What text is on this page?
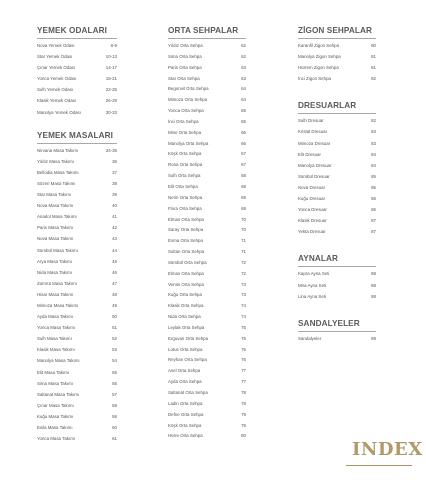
YEMEK ODALARI
Nova Yemek Odası	8-9
Star Yemek Odası	10-13
Çınar Yemek Odası	14-17
Yonca Yemek Odası	18-21
Sulh Yemek Odası	22-25
Klasik Yemek Odası	26-29
Manolya Yemek Odası	30-33
YEMEK MASALARI
Nirvana Masa Takımı	34-35
Yıldız Masa Takımı	36
Bellodia Masa Takımı	37
Sözen Masa Takımı	38
Star Masa Takımı	39
Nova Masa Takımı	40
Anadol Masa Takımı	41
Paris Masa Takımı	42
Nova Masa Takımı	43
Sümbül Masa Takımı	44
Arya Masa Takımı	45
Nida Masa Takımı	46
Zümrüt Masa Takımı	47
Hisar Masa Takımı	48
Mimoza Masa Takımı	49
Ayda Masa Takımı	50
Yonca Masa Takımı	51
Sulh Masa Takımı	52
Klasik Masa Takımı	53
Manolya Masa Takımı	54
Elit Masa Takımı	55
Sima Masa Takımı	56
Saltanat Masa Takımı	57
Çınar Masa Takımı	58
Kuğu Masa Takımı	59
Esila Masa Takımı	60
Yonca Masa Takımı	61
ORTA SEHPALAR
Yıldız Orta Sehpa	62
Sima Orta Sehpa	62
Paris Orta Sehpa	63
Star Orta Sehpa	63
Begonvil Orta Sehpa	64
Mimoza Orta Sehpa	64
Yonca Orta Sehpa	65
İnci Orta Sehpa	65
Mine Orta Sehpa	66
Manolya Orta Sehpa	66
Köşk Orta Sehpa	67
Rona Orta Sehpa	67
Sulh Orta Sehpa	68
Elit Orta Sehpa	68
Nerin Orta Sehpa	69
Flora Orta Sehpa	69
Elmas Orta Sehpa	70
Saray Orta Sehpa	70
Esma Orta Sehpa	71
Sultan Orta Sehpa	71
Sümbül Orta Sehpa	72
Elmas Orta Sehpa	72
Venüs Orta Sehpa	73
Kuğu Orta Sehpa	73
Klasik Orta Sehpa	74
Nida Orta Sehpa	74
Leylak Orta Sehpa	75
Erguvan Orta Sehpa	75
Lotus Orta Sehpa	76
Reyhan Orta Sehpa	76
Asel Orta Sehpa	77
Ayda Orta Sehpa	77
Saltanat Orta Sehpa	78
Ladin Orta Sehpa	78
Defne Orta Sehpa	79
Köşk Orta Sehpa	79
Hürre Orta Sehpa	80
ZİGON SEHPALAR
Karanfil Zigon Sehpa	80
Manolya Zigon Sehpa	81
Hürrem Zigon Sehpa	81
İnci Zigon Sehpa	82
DRESUARLAR
Sulh Dresuar	82
Kristal Dresuar	83
Mimoza Dresuar	83
Elit Dresuar	84
Manolya Dresuar	84
Sümbül Dresuar	85
Nova Dresuar	85
Kuğu Dresuar	86
Yonca Dresuar	86
Klasik Dresuar	87
Yekta Dresuar	87
AYNALAR
Kapra Ayna Seti	88
Mira Ayna Seti	88
Lina Ayna Seti	88
SANDALYELER
Sandalyeler	89
INDEX
